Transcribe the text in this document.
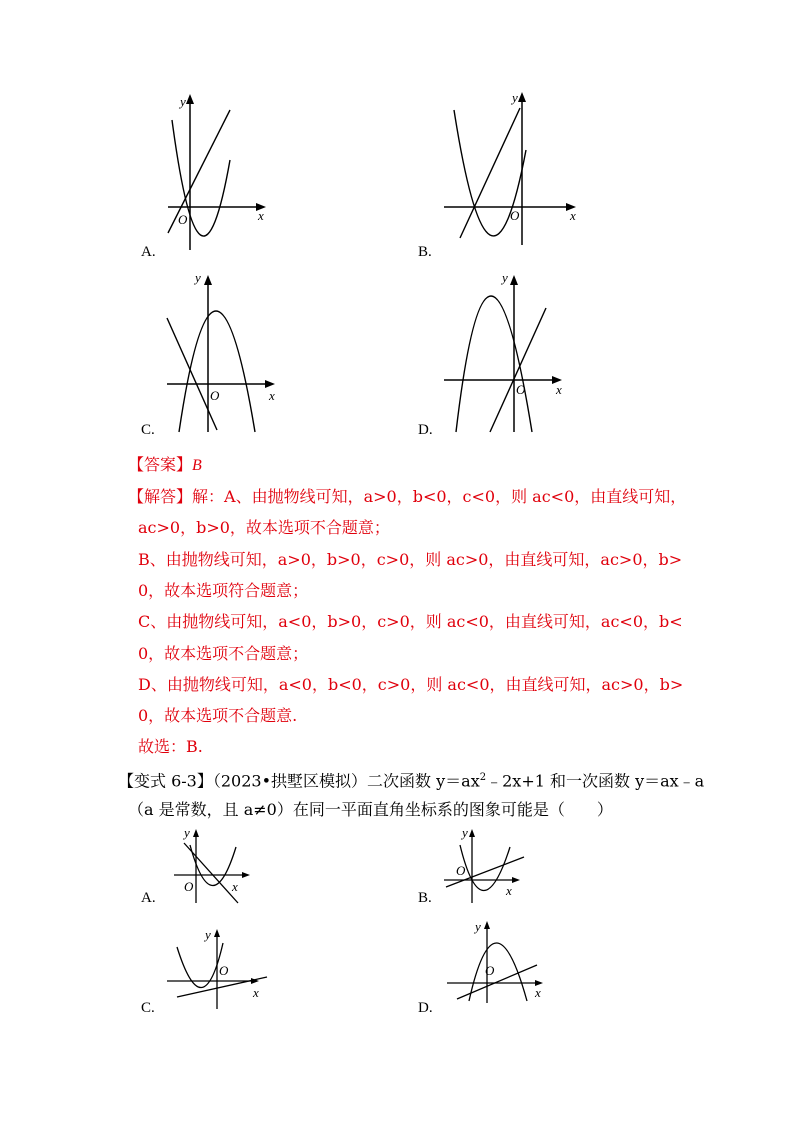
y
x
O
A.
y
x
O
B.
y
x
O
C.
y
x
O
D.
【答案】B
【解答】解：A、由抛物线可知，a>0，b<0，c<0，则 ac<0，由直线可知，
ac>0，b>0，故本选项不合题意；
B、由抛物线可知，a>0，b>0，c>0，则 ac>0，由直线可知，ac>0，b>
0，故本选项符合题意；
C、由抛物线可知，a<0，b>0，c>0，则 ac<0，由直线可知，ac<0，b<
0，故本选项不合题意；
D、由抛物线可知，a<0，b<0，c>0，则 ac<0，由直线可知，ac>0，b>
0，故本选项不合题意.
故选：B.
【变式 6-3】（2023•拱墅区模拟）二次函数 $y=ax^2﹣2x+1$ 和一次函数 y＝ax﹣a
（a 是常数，且 a≠0）在同一平面直角坐标系的图象可能是（　　）
y
x
O
A.
y
x
O
B.
y
x
O
C.
y
x
O
D.
